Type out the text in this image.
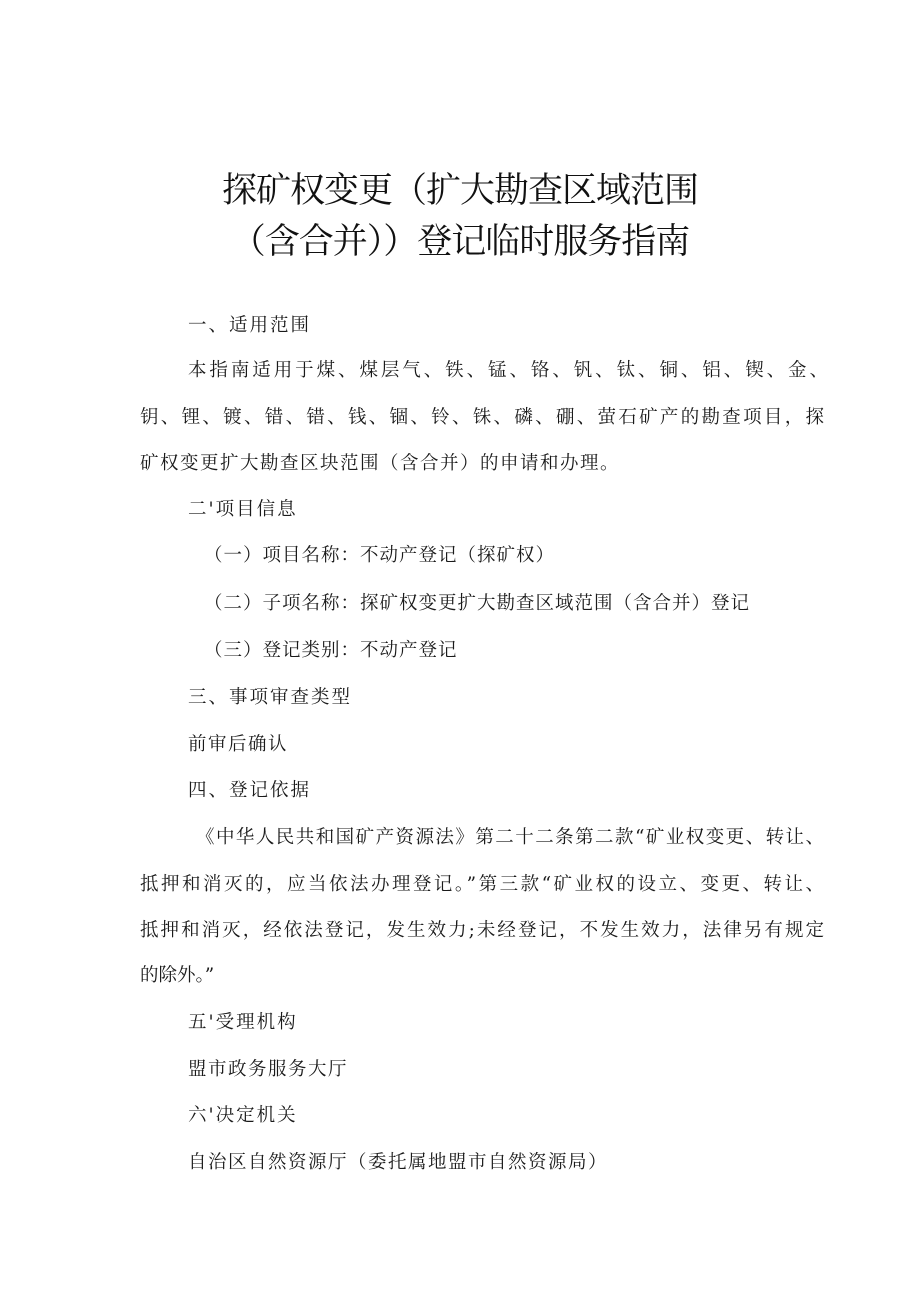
探矿权变更（扩大勘查区域范围
（含合并））登记临时服务指南
一、适用范围
本指南适用于煤、煤层气、铁、锰、铬、钒、钛、铜、铝、锲、金、
钥、锂、镀、错、错、钱、锢、铃、铢、磷、硼、萤石矿产的勘查项目，探
矿权变更扩大勘查区块范围（含合并）的申请和办理。
二'项目信息
（一）项目名称：不动产登记（探矿权）
（二）子项名称：探矿权变更扩大勘查区域范围（含合并）登记
（三）登记类别：不动产登记
三、事项审查类型
前审后确认
四、登记依据
《中华人民共和国矿产资源法》第二十二条第二款“矿业权变更、转让、
抵押和消灭的，应当依法办理登记。”第三款“矿业权的设立、变更、转让、
抵押和消灭，经依法登记，发生效力;未经登记，不发生效力，法律另有规定
的除外。”
五'受理机构
盟市政务服务大厅
六'决定机关
自治区自然资源厅（委托属地盟市自然资源局）
